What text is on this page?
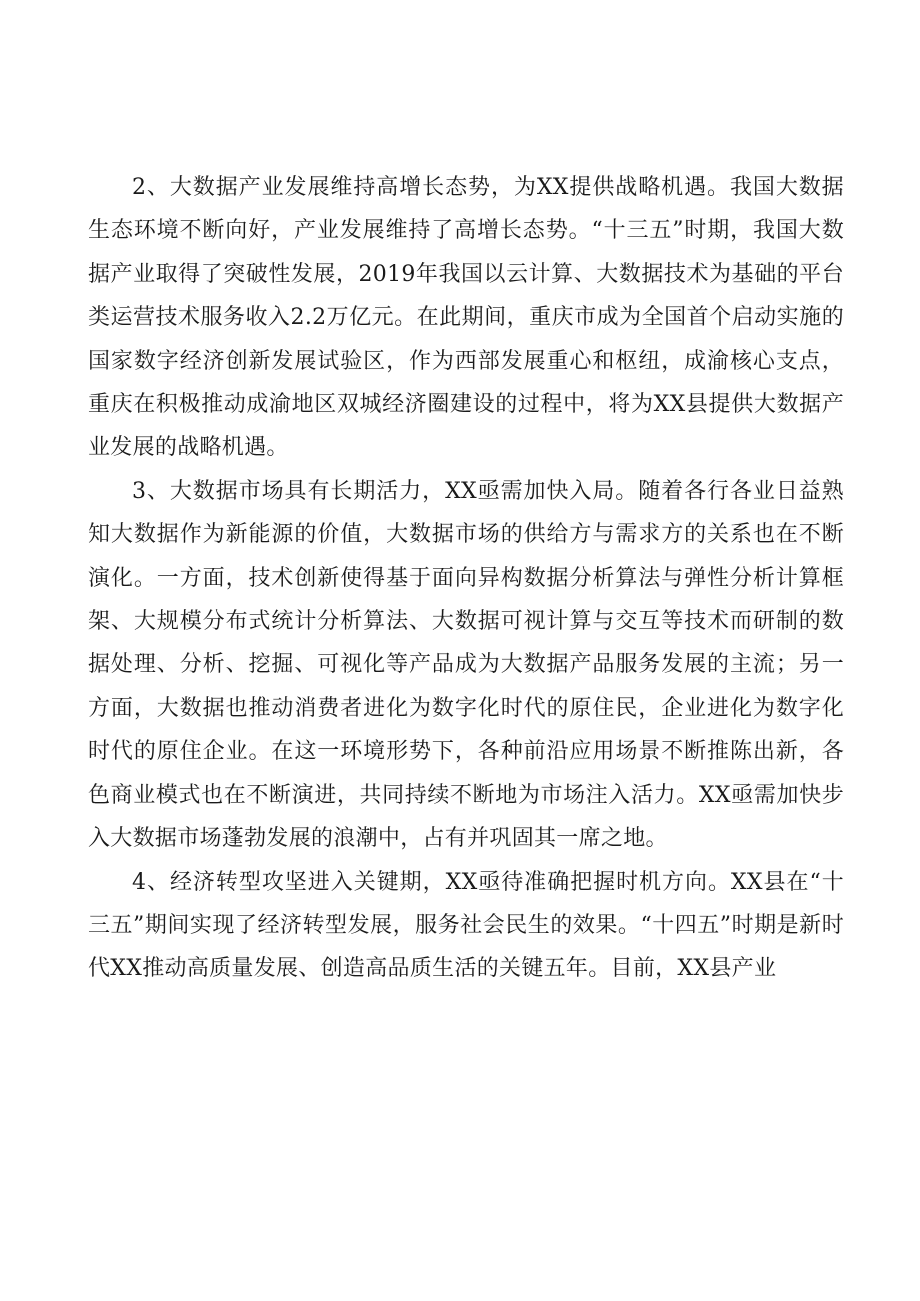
2、大数据产业发展维持高增长态势，为XX提供战略机遇。我国大数据生态环境不断向好，产业发展维持了高增长态势。“十三五”时期，我国大数据产业取得了突破性发展，2019年我国以云计算、大数据技术为基础的平台类运营技术服务收入2.2万亿元。在此期间，重庆市成为全国首个启动实施的国家数字经济创新发展试验区，作为西部发展重心和枢纽，成渝核心支点，重庆在积极推动成渝地区双城经济圈建设的过程中，将为XX县提供大数据产业发展的战略机遇。

3、大数据市场具有长期活力，XX亟需加快入局。随着各行各业日益熟知大数据作为新能源的价值，大数据市场的供给方与需求方的关系也在不断演化。一方面，技术创新使得基于面向异构数据分析算法与弹性分析计算框架、大规模分布式统计分析算法、大数据可视计算与交互等技术而研制的数据处理、分析、挖掘、可视化等产品成为大数据产品服务发展的主流；另一方面，大数据也推动消费者进化为数字化时代的原住民，企业进化为数字化时代的原住企业。在这一环境形势下，各种前沿应用场景不断推陈出新，各色商业模式也在不断演进，共同持续不断地为市场注入活力。XX亟需加快步入大数据市场蓬勃发展的浪潮中，占有并巩固其一席之地。

4、经济转型攻坚进入关键期，XX亟待准确把握时机方向。XX县在“十三五”期间实现了经济转型发展，服务社会民生的效果。“十四五”时期是新时代XX推动高质量发展、创造高品质生活的关键五年。目前，XX县产业
